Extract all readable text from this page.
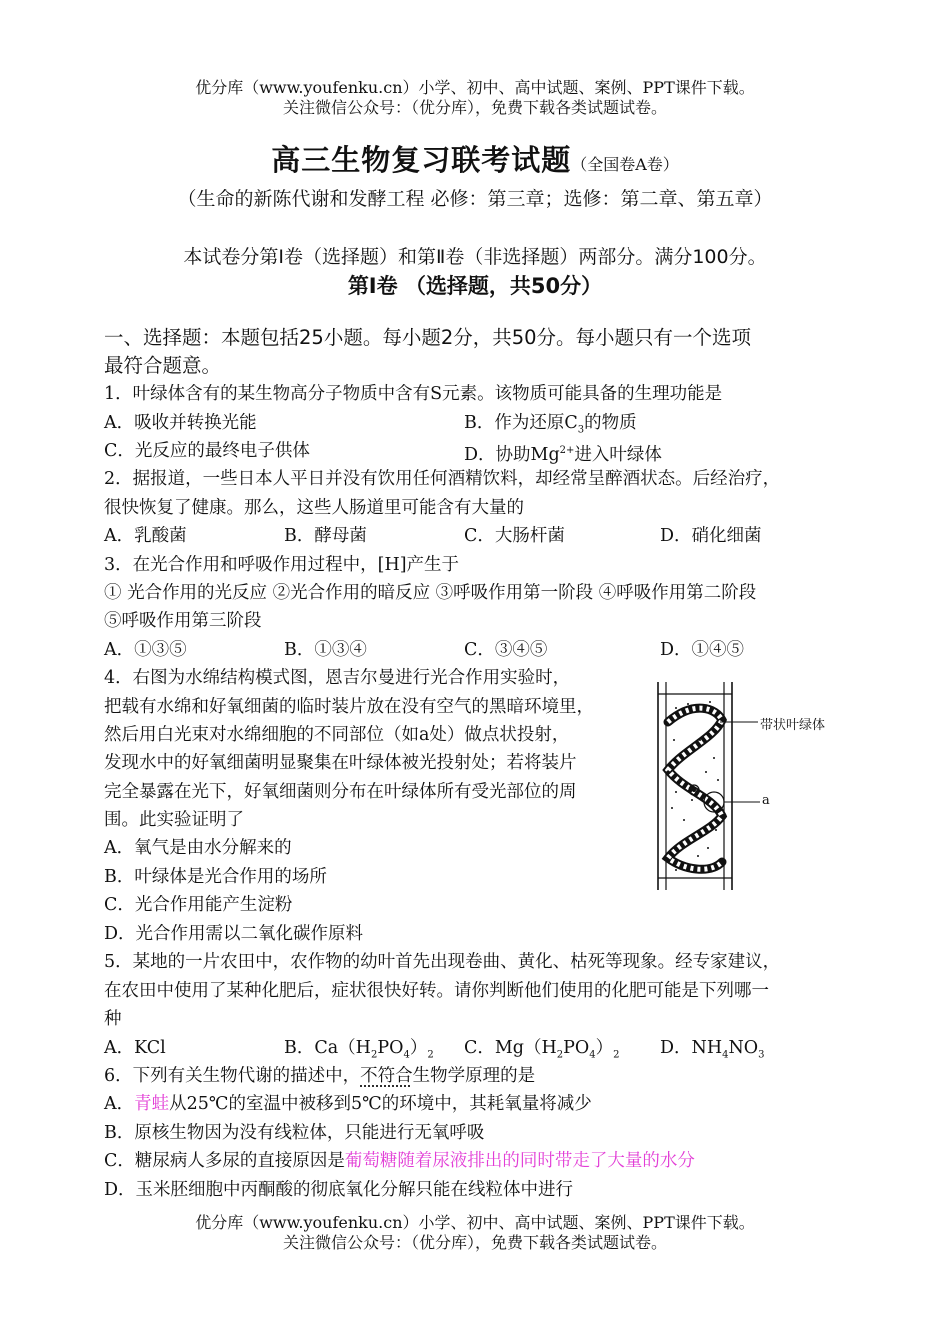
优分库（www.youfenku.cn）小学、初中、高中试题、案例、PPT课件下载。
关注微信公众号：（优分库），免费下载各类试题试卷。
高三生物复习联考试题（全国卷A卷）
（生命的新陈代谢和发酵工程 必修：第三章；选修：第二章、第五章）
本试卷分第Ⅰ卷（选择题）和第Ⅱ卷（非选择题）两部分。满分100分。
第Ⅰ卷 （选择题，共50分）
一、选择题：本题包括25小题。每小题2分，共50分。每小题只有一个选项
最符合题意。
1．叶绿体含有的某生物高分子物质中含有S元素。该物质可能具备的生理功能是
A．吸收并转换光能	B．作为还原$C_3$的物质
C．光反应的最终电子供体	D．协助$Mg^{2+}$进入叶绿体
2．据报道，一些日本人平日并没有饮用任何酒精饮料，却经常呈醉酒状态。后经治疗，
很快恢复了健康。那么，这些人肠道里可能含有大量的
A．乳酸菌	B．酵母菌	C．大肠杆菌	D．硝化细菌
3．在光合作用和呼吸作用过程中，[H]产生于
① 光合作用的光反应 ②光合作用的暗反应 ③呼吸作用第一阶段 ④呼吸作用第二阶段
⑤呼吸作用第三阶段
A．①③⑤	B．①③④	C．③④⑤	D．①④⑤
4．右图为水绵结构模式图，恩吉尔曼进行光合作用实验时，
把载有水绵和好氧细菌的临时装片放在没有空气的黑暗环境里，
然后用白光束对水绵细胞的不同部位（如a处）做点状投射，
发现水中的好氧细菌明显聚集在叶绿体被光投射处；若将装片
完全暴露在光下，好氧细菌则分布在叶绿体所有受光部位的周
围。此实验证明了
A．氧气是由水分解来的
B．叶绿体是光合作用的场所
C．光合作用能产生淀粉
D．光合作用需以二氧化碳作原料
带状叶绿体
a
5．某地的一片农田中，农作物的幼叶首先出现卷曲、黄化、枯死等现象。经专家建议，
在农田中使用了某种化肥后，症状很快好转。请你判断他们使用的化肥可能是下列哪一
种
A．KCl	B．$Ca(H_2PO_4)_2$ C．$Mg(H_2PO_4)_2$ D．$NH_4NO_3$
6．下列有关生物代谢的描述中，不符合生物学原理的是
A．青蛙从25℃的室温中被移到5℃的环境中，其耗氧量将减少
B．原核生物因为没有线粒体，只能进行无氧呼吸
C．糖尿病人多尿的直接原因是葡萄糖随着尿液排出的同时带走了大量的水分
D．玉米胚细胞中丙酮酸的彻底氧化分解只能在线粒体中进行
优分库（www.youfenku.cn）小学、初中、高中试题、案例、PPT课件下载。
关注微信公众号：（优分库），免费下载各类试题试卷。
